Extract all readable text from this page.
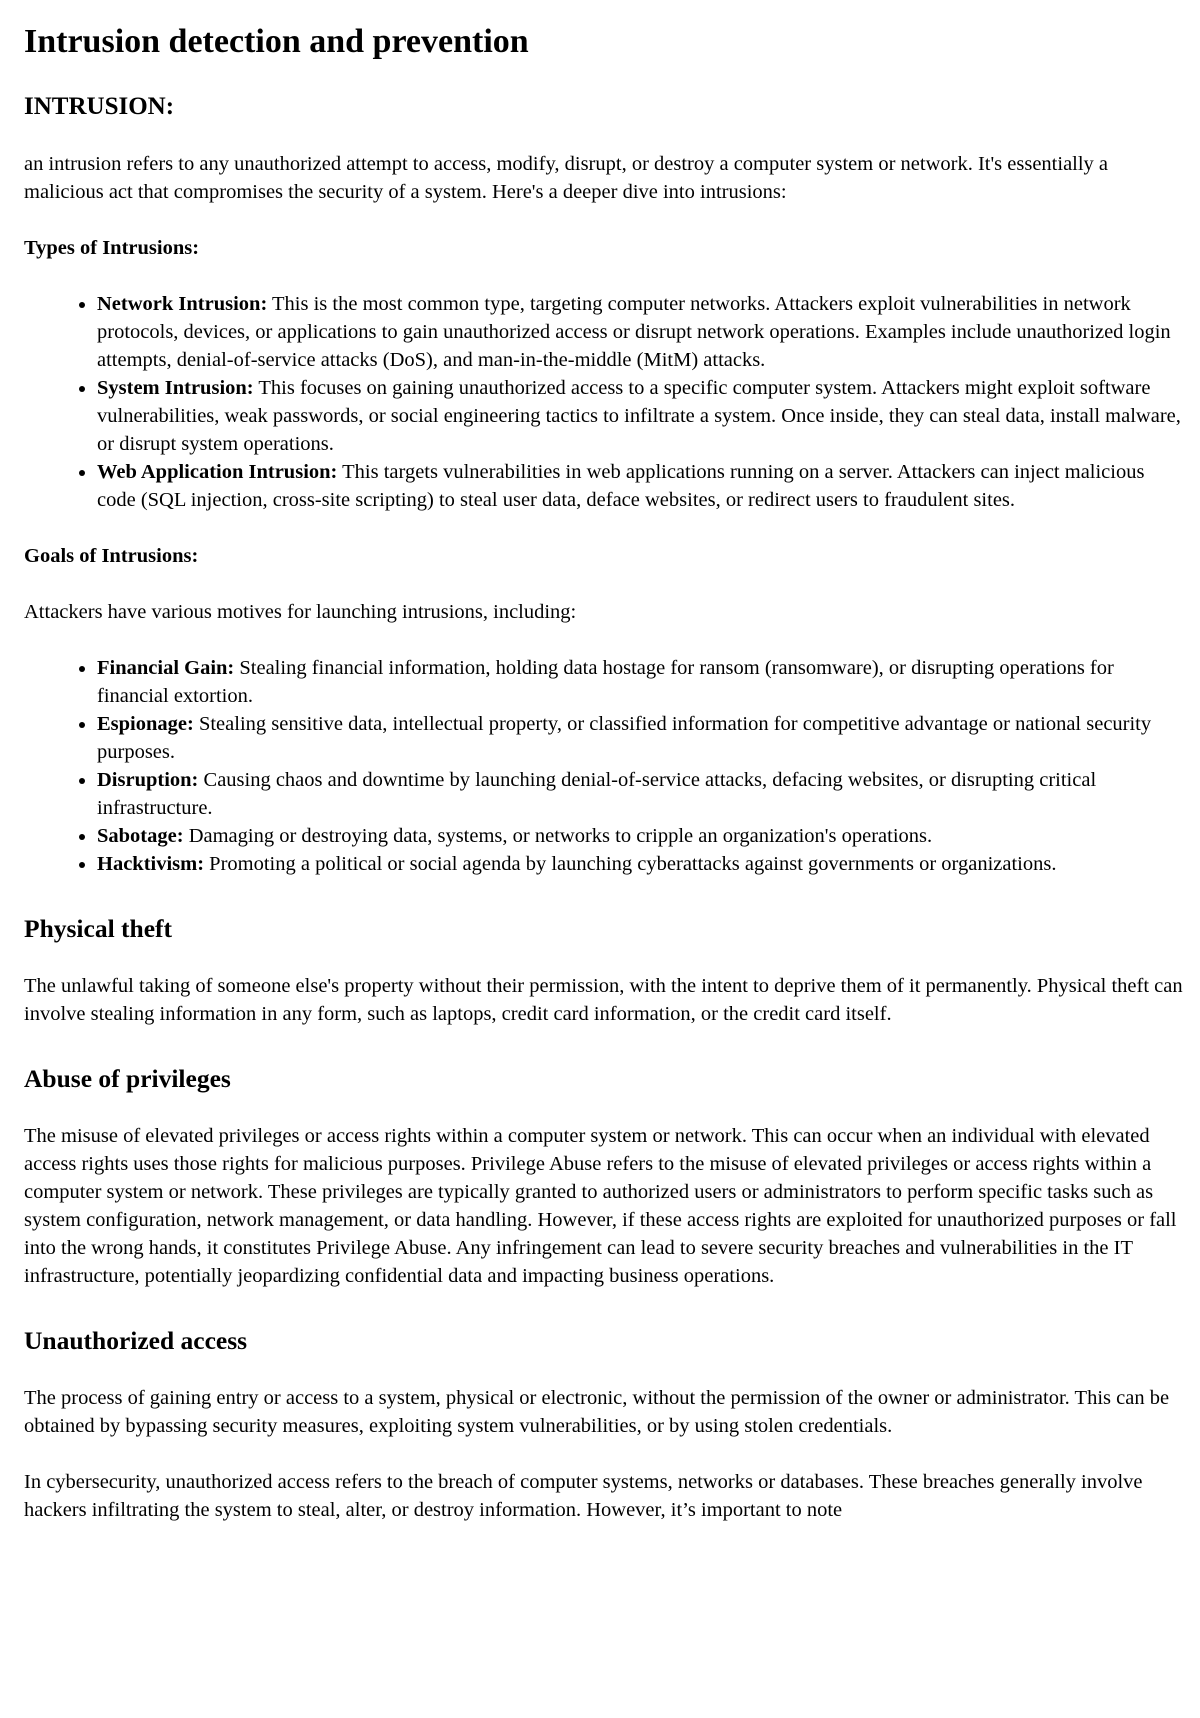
Intrusion detection and prevention
INTRUSION:

an intrusion refers to any unauthorized attempt to access, modify, disrupt, or destroy a computer system or network. It's essentially a malicious act that compromises the security of a system. Here's a deeper dive into intrusions:

Types of Intrusions:

• Network Intrusion: This is the most common type, targeting computer networks. Attackers exploit vulnerabilities in network protocols, devices, or applications to gain unauthorized access or disrupt network operations. Examples include unauthorized login attempts, denial-of-service attacks (DoS), and man-in-the-middle (MitM) attacks.
• System Intrusion: This focuses on gaining unauthorized access to a specific computer system. Attackers might exploit software vulnerabilities, weak passwords, or social engineering tactics to infiltrate a system. Once inside, they can steal data, install malware, or disrupt system operations.
• Web Application Intrusion: This targets vulnerabilities in web applications running on a server. Attackers can inject malicious code (SQL injection, cross-site scripting) to steal user data, deface websites, or redirect users to fraudulent sites.

Goals of Intrusions:

Attackers have various motives for launching intrusions, including:

• Financial Gain: Stealing financial information, holding data hostage for ransom (ransomware), or disrupting operations for financial extortion.
• Espionage: Stealing sensitive data, intellectual property, or classified information for competitive advantage or national security purposes.
• Disruption: Causing chaos and downtime by launching denial-of-service attacks, defacing websites, or disrupting critical infrastructure.
• Sabotage: Damaging or destroying data, systems, or networks to cripple an organization's operations.
• Hacktivism: Promoting a political or social agenda by launching cyberattacks against governments or organizations.
Physical theft

The unlawful taking of someone else's property without their permission, with the intent to deprive them of it permanently. Physical theft can involve stealing information in any form, such as laptops, credit card information, or the credit card itself.

Abuse of privileges

The misuse of elevated privileges or access rights within a computer system or network. This can occur when an individual with elevated access rights uses those rights for malicious purposes. Privilege Abuse refers to the misuse of elevated privileges or access rights within a computer system or network. These privileges are typically granted to authorized users or administrators to perform specific tasks such as system configuration, network management, or data handling. However, if these access rights are exploited for unauthorized purposes or fall into the wrong hands, it constitutes Privilege Abuse. Any infringement can lead to severe security breaches and vulnerabilities in the IT infrastructure, potentially jeopardizing confidential data and impacting business operations.

Unauthorized access

The process of gaining entry or access to a system, physical or electronic, without the permission of the owner or administrator. This can be obtained by bypassing security measures, exploiting system vulnerabilities, or by using stolen credentials.

In cybersecurity, unauthorized access refers to the breach of computer systems, networks or databases. These breaches generally involve hackers infiltrating the system to steal, alter, or destroy information. However, it’s important to note
